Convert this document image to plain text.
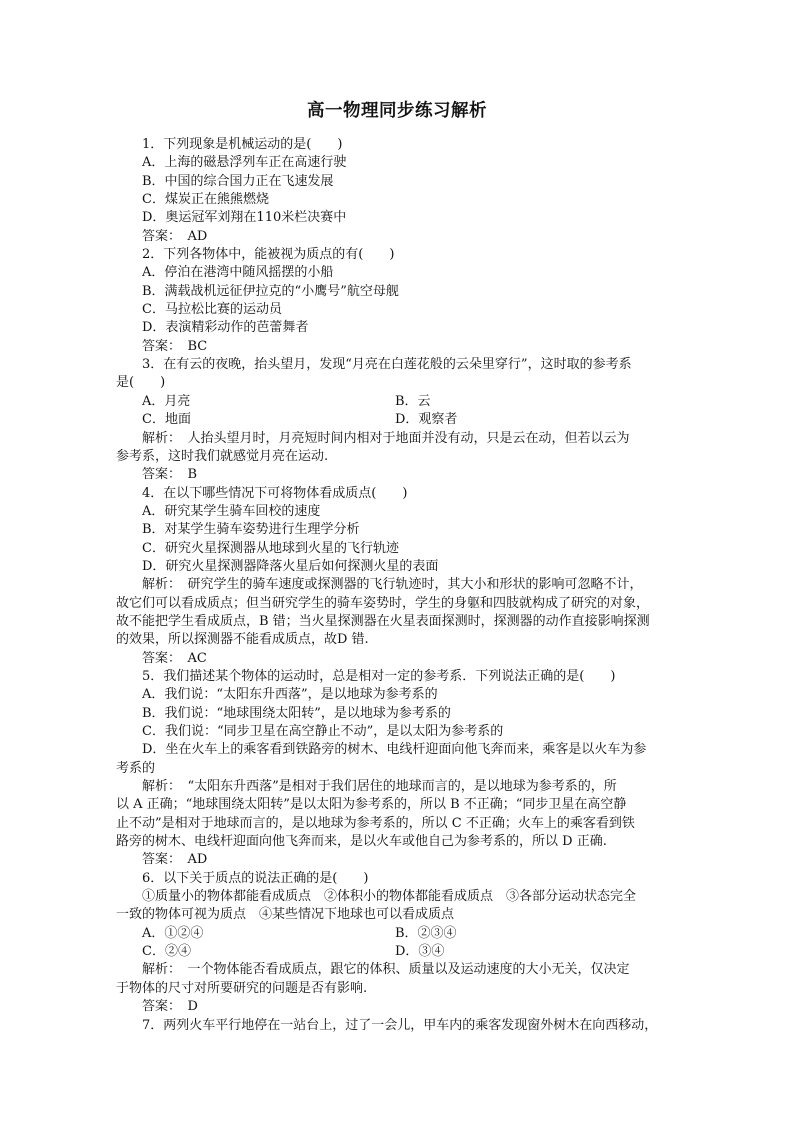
高一物理同步练习解析
1．下列现象是机械运动的是(　　)
A．上海的磁悬浮列车正在高速行驶
B．中国的综合国力正在飞速发展
C．煤炭正在熊熊燃烧
D．奥运冠军刘翔在110米栏决赛中
答案：　AD
2．下列各物体中，能被视为质点的有(　　)
A．停泊在港湾中随风摇摆的小船
B．满载战机远征伊拉克的“小鹰号”航空母舰
C．马拉松比赛的运动员
D．表演精彩动作的芭蕾舞者
答案：　BC
3．在有云的夜晚，抬头望月，发现“月亮在白莲花般的云朵里穿行”，这时取的参考系
是(　　)
A．月亮	B．云
C．地面	D．观察者
解析：　人抬头望月时，月亮短时间内相对于地面并没有动，只是云在动，但若以云为
参考系，这时我们就感觉月亮在运动.
答案：　B
4．在以下哪些情况下可将物体看成质点(　　)
A．研究某学生骑车回校的速度
B．对某学生骑车姿势进行生理学分析
C．研究火星探测器从地球到火星的飞行轨迹
D．研究火星探测器降落火星后如何探测火星的表面
解析：　研究学生的骑车速度或探测器的飞行轨迹时，其大小和形状的影响可忽略不计，
故它们可以看成质点；但当研究学生的骑车姿势时，学生的身躯和四肢就构成了研究的对象，
故不能把学生看成质点，B 错；当火星探测器在火星表面探测时，探测器的动作直接影响探测
的效果，所以探测器不能看成质点，故D 错.
答案：　AC
5．我们描述某个物体的运动时，总是相对一定的参考系．下列说法正确的是(　　)
A．我们说：“太阳东升西落”，是以地球为参考系的
B．我们说：“地球围绕太阳转”，是以地球为参考系的
C．我们说：“同步卫星在高空静止不动”，是以太阳为参考系的
D．坐在火车上的乘客看到铁路旁的树木、电线杆迎面向他飞奔而来，乘客是以火车为参
考系的
解析：　“太阳东升西落”是相对于我们居住的地球而言的，是以地球为参考系的，所
以 A 正确；“地球围绕太阳转”是以太阳为参考系的，所以 B 不正确；“同步卫星在高空静
止不动”是相对于地球而言的，是以地球为参考系的，所以 C 不正确；火车上的乘客看到铁
路旁的树木、电线杆迎面向他飞奔而来，是以火车或他自己为参考系的，所以 D 正确.
答案：　AD
6．以下关于质点的说法正确的是(　　)
①质量小的物体都能看成质点　②体积小的物体都能看成质点　③各部分运动状态完全
一致的物体可视为质点　④某些情况下地球也可以看成质点
A．①②④	B．②③④
C．②④	D．③④
解析：　一个物体能否看成质点，跟它的体积、质量以及运动速度的大小无关，仅决定
于物体的尺寸对所要研究的问题是否有影响.
答案：　D
7．两列火车平行地停在一站台上，过了一会儿，甲车内的乘客发现窗外树木在向西移动，
